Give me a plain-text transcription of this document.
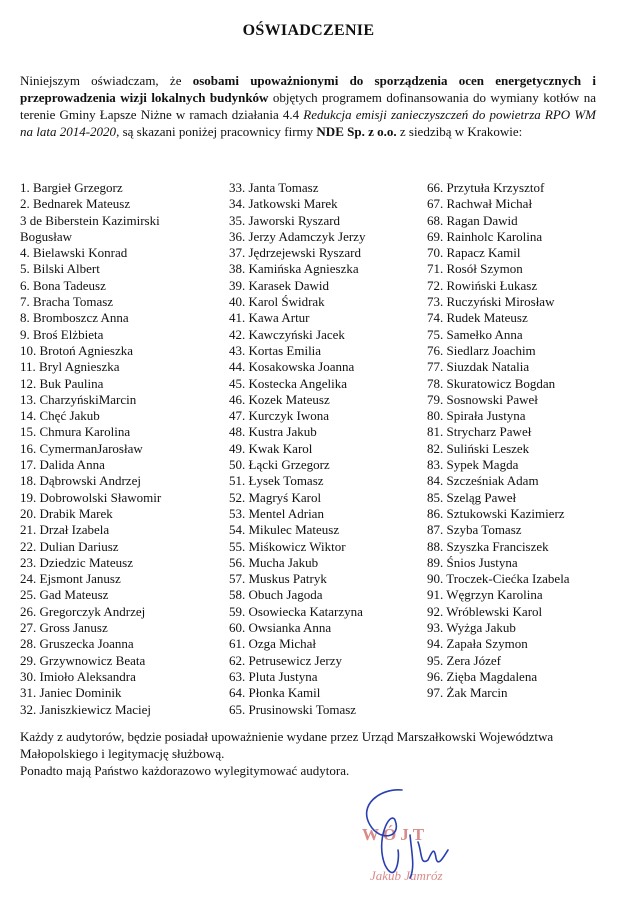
OŚWIADCZENIE
Niniejszym oświadczam, że osobami upoważnionymi do sporządzenia ocen energetycznych i przeprowadzenia wizji lokalnych budynków objętych programem dofinansowania do wymiany kotłów na terenie Gminy Łapsze Niżne w ramach działania 4.4 Redukcja emisji zanieczyszczeń do powietrza RPO WM na lata 2014-2020, są skazani poniżej pracownicy firmy NDE Sp. z o.o. z siedzibą w Krakowie:
1. Bargieł Grzegorz
2. Bednarek Mateusz
3 de Biberstein Kazimirski
Bogusław
4. Bielawski Konrad
5. Bilski Albert
6. Bona Tadeusz
7. Bracha Tomasz
8. Bromboszcz Anna
9. Broś Elżbieta
10. Brotoń Agnieszka
11. Bryl Agnieszka
12. Buk Paulina
13. CharzyńskiMarcin
14. Chęć Jakub
15. Chmura Karolina
16. CymermanJarosław
17. Dalida Anna
18. Dąbrowski Andrzej
19. Dobrowolski Sławomir
20. Drabik Marek
21. Drzał Izabela
22. Dulian Dariusz
23. Dziedzic Mateusz
24. Ejsmont Janusz
25. Gad Mateusz
26. Gregorczyk Andrzej
27. Gross Janusz
28. Gruszecka Joanna
29. Grzywnowicz Beata
30. Imioło Aleksandra
31. Janiec Dominik
32. Janiszkiewicz Maciej
33. Janta Tomasz
34. Jatkowski Marek
35. Jaworski Ryszard
36. Jerzy Adamczyk Jerzy
37. Jędrzejewski Ryszard
38. Kamińska Agnieszka
39. Karasek Dawid
40. Karol Świdrak
41. Kawa Artur
42. Kawczyński Jacek
43. Kortas Emilia
44. Kosakowska Joanna
45. Kostecka Angelika
46. Kozek Mateusz
47. Kurczyk Iwona
48. Kustra Jakub
49. Kwak Karol
50. Łącki Grzegorz
51. Łysek Tomasz
52. Magryś Karol
53. Mentel Adrian
54. Mikulec Mateusz
55. Miśkowicz Wiktor
56. Mucha Jakub
57. Muskus Patryk
58. Obuch Jagoda
59. Osowiecka Katarzyna
60. Owsianka Anna
61. Ozga Michał
62. Petrusewicz Jerzy
63. Pluta Justyna
64. Płonka Kamil
65. Prusinowski Tomasz
66. Przytuła Krzysztof
67. Rachwał Michał
68. Ragan Dawid
69. Rainholc Karolina
70. Rapacz Kamil
71. Rosół Szymon
72. Rowiński Łukasz
73. Ruczyński Mirosław
74. Rudek Mateusz
75. Samełko Anna
76. Siedlarz Joachim
77. Siuzdak Natalia
78. Skuratowicz Bogdan
79. Sosnowski Paweł
80. Spirała Justyna
81. Strycharz Paweł
82. Suliński Leszek
83. Sypek Magda
84. Szcześniak Adam
85. Szeląg Paweł
86. Sztukowski Kazimierz
87. Szyba Tomasz
88. Szyszka Franciszek
89. Śnios Justyna
90. Troczek-Ciećka Izabela
91. Węgrzyn Karolina
92. Wróblewski Karol
93. Wyżga Jakub
94. Zapała Szymon
95. Zera Józef
96. Zięba Magdalena
97. Żak Marcin
Każdy z audytorów, będzie posiadał upoważnienie wydane przez Urząd Marszałkowski Województwa Małopolskiego i legitymację służbową.
Ponadto mają Państwo każdorazowo wylegitymować audytora.
WÓJT
Jakub Jamróz
